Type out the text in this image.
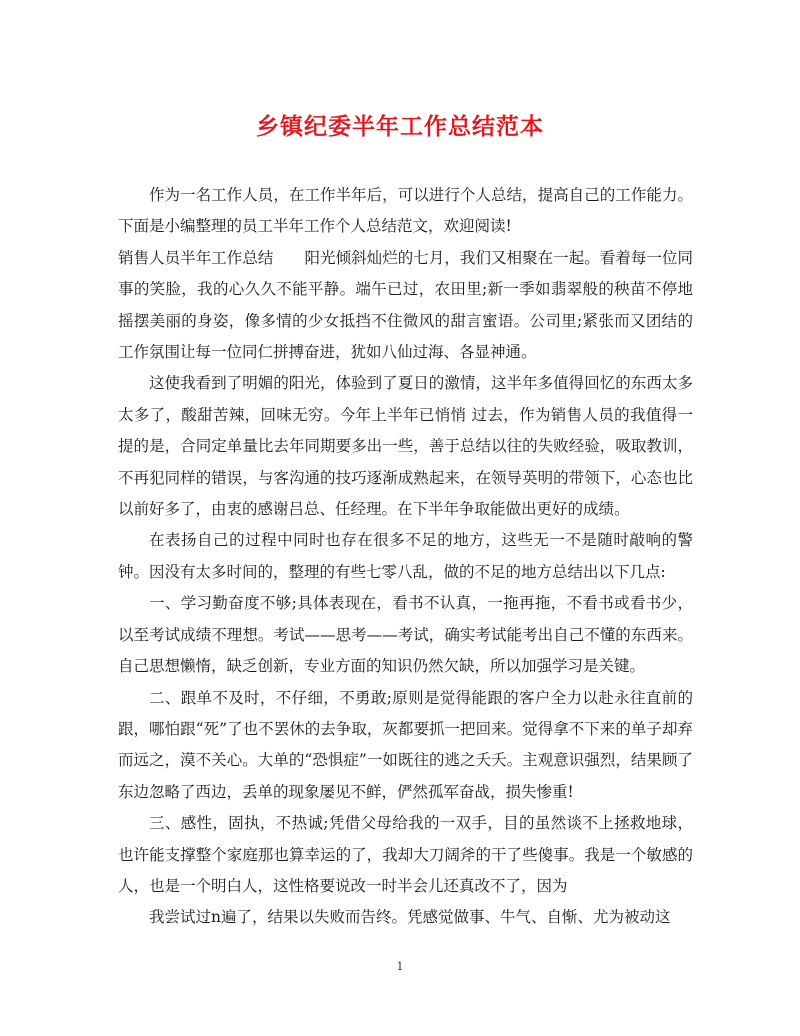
乡镇纪委半年工作总结范本

作为一名工作人员，在工作半年后，可以进行个人总结，提高自己的工作能力。下面是小编整理的员工半年工作个人总结范文，欢迎阅读!

销售人员半年工作总结　　阳光倾斜灿烂的七月，我们又相聚在一起。看着每一位同事的笑脸，我的心久久不能平静。端午已过，农田里;新一季如翡翠般的秧苗不停地摇摆美丽的身姿，像多情的少女抵挡不住微风的甜言蜜语。公司里;紧张而又团结的工作氛围让每一位同仁拼搏奋进，犹如八仙过海、各显神通。

这使我看到了明媚的阳光，体验到了夏日的激情，这半年多值得回忆的东西太多太多了，酸甜苦辣，回味无穷。今年上半年已悄悄 过去，作为销售人员的我值得一提的是，合同定单量比去年同期要多出一些，善于总结以往的失败经验，吸取教训，不再犯同样的错误，与客沟通的技巧逐渐成熟起来，在领导英明的带领下，心态也比以前好多了，由衷的感谢吕总、任经理。在下半年争取能做出更好的成绩。

在表扬自己的过程中同时也存在很多不足的地方，这些无一不是随时敲响的警钟。因没有太多时间的，整理的有些七零八乱，做的不足的地方总结出以下几点:

一、学习勤奋度不够;具体表现在，看书不认真，一拖再拖，不看书或看书少，以至考试成绩不理想。考试——思考——考试，确实考试能考出自己不懂的东西来。自己思想懒惰，缺乏创新，专业方面的知识仍然欠缺，所以加强学习是关键。

二、跟单不及时，不仔细，不勇敢;原则是觉得能跟的客户全力以赴永往直前的跟，哪怕跟“死”了也不罢休的去争取，灰都要抓一把回来。觉得拿不下来的单子却弃而远之，漠不关心。大单的“恐惧症”一如既往的逃之夭夭。主观意识强烈，结果顾了东边忽略了西边，丢单的现象屡见不鲜，俨然孤军奋战，损失惨重!

三、感性，固执，不热诚;凭借父母给我的一双手，目的虽然谈不上拯救地球，也许能支撑整个家庭那也算幸运的了，我却大刀阔斧的干了些傻事。我是一个敏感的人，也是一个明白人，这性格要说改一时半会儿还真改不了，因为

我尝试过n遍了，结果以失败而告终。凭感觉做事、牛气、自惭、尤为被动这

1
